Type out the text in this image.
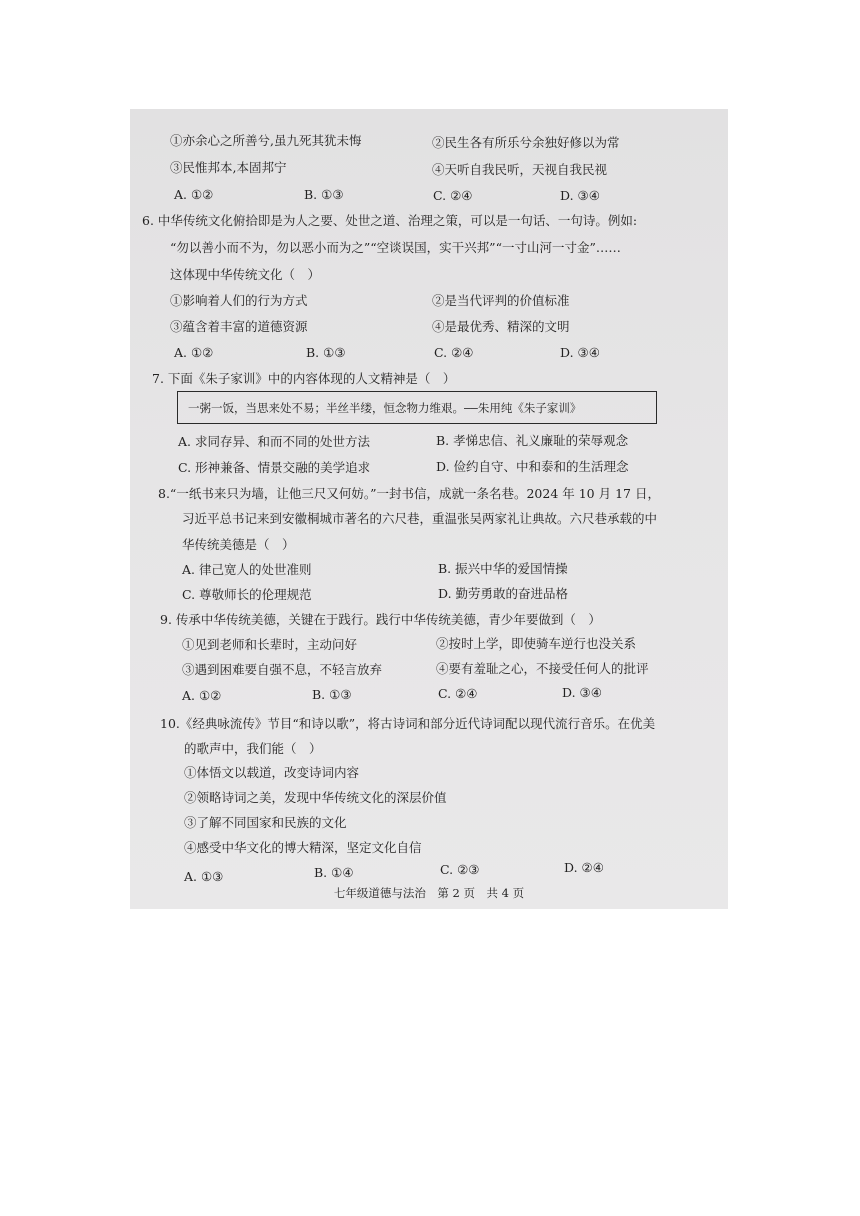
①亦余心之所善兮,虽九死其犹未悔	②民生各有所乐兮余独好修以为常
③民惟邦本,本固邦宁	④天听自我民听，天视自我民视
A. ①②	B. ①③	C. ②④	D. ③④
6. 中华传统文化俯拾即是为人之要、处世之道、治理之策，可以是一句话、一句诗。例如:
“勿以善小而不为，勿以恶小而为之”“空谈误国，实干兴邦”“一寸山河一寸金”……
这体现中华传统文化（　）
①影响着人们的行为方式	②是当代评判的价值标准
③蕴含着丰富的道德资源	④是最优秀、精深的文明
A. ①②	B. ①③	C. ②④	D. ③④
7. 下面《朱子家训》中的内容体现的人文精神是（　）
一粥一饭，当思来处不易；半丝半缕，恒念物力维艰。——朱用纯《朱子家训》
A. 求同存异、和而不同的处世方法	B. 孝悌忠信、礼义廉耻的荣辱观念
C. 形神兼备、情景交融的美学追求	D. 俭约自守、中和泰和的生活理念
8.“一纸书来只为墙，让他三尺又何妨。”一封书信，成就一条名巷。2024 年 10 月 17 日，
习近平总书记来到安徽桐城市著名的六尺巷，重温张吴两家礼让典故。六尺巷承载的中
华传统美德是（　）
A. 律己宽人的处世准则	B. 振兴中华的爱国情操
C. 尊敬师长的伦理规范	D. 勤劳勇敢的奋进品格
9. 传承中华传统美德，关键在于践行。践行中华传统美德，青少年要做到（　）
①见到老师和长辈时，主动问好	②按时上学，即使骑车逆行也没关系
③遇到困难要自强不息，不轻言放弃	④要有羞耻之心，不接受任何人的批评
A. ①②	B. ①③	C. ②④	D. ③④
10.《经典咏流传》节目“和诗以歌”，将古诗词和部分近代诗词配以现代流行音乐。在优美
的歌声中，我们能（　）
①体悟文以载道，改变诗词内容
②领略诗词之美，发现中华传统文化的深层价值
③了解不同国家和民族的文化
④感受中华文化的博大精深，坚定文化自信
A. ①③	B. ①④	C. ②③	D. ②④
七年级道德与法治　第 2 页　共 4 页
